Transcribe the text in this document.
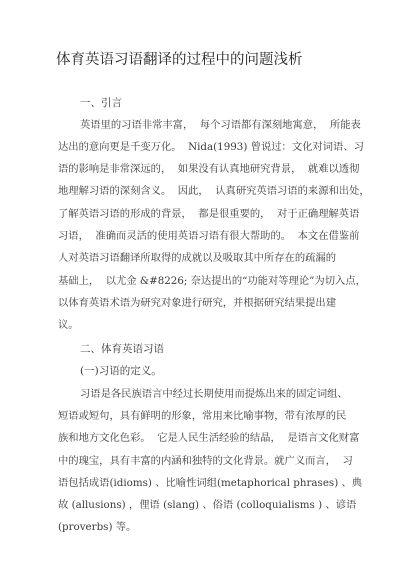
体育英语习语翻译的过程中的问题浅析
一、引言
英语里的习语非常丰富，  每个习语都有深刻地寓意，  所能表
达出的意向更是千变万化。  Nida(1993) 曾说过：文化对词语、习
语的影响是非常深远的，  如果没有认真地研究背景，  就难以透彻
地理解习语的深刻含义。  因此，  认真研究英语习语的来源和出处，
了解英语习语的形成的背景，  都是很重要的，  对于正确理解英语
习语，  准确而灵活的使用英语习语有很大帮助的。  本文在借鉴前
人对英语习语翻译所取得的成就以及吸取其中所存在的疏漏的
基础上，  以尤金 &#8226; 奈达提出的“功能对等理论”为切入点，
以体育英语术语为研究对象进行研究，并根据研究结果提出建
议。
二、体育英语习语
(一)习语的定义。
习语是各民族语言中经过长期使用而提炼出来的固定词组、
短语或短句，具有鲜明的形象，常用来比喻事物，带有浓厚的民
族和地方文化色彩。  它是人民生活经验的结晶，  是语言文化财富
中的瑰宝，具有丰富的内涵和独特的文化背景。就广义而言，  习
语包括成语(idioms) 、比喻性词组(metaphorical phrases) 、典
故 (allusions) ，俚语 (slang) 、俗语 (colloquialisms ) 、谚语
(proverbs) 等。
